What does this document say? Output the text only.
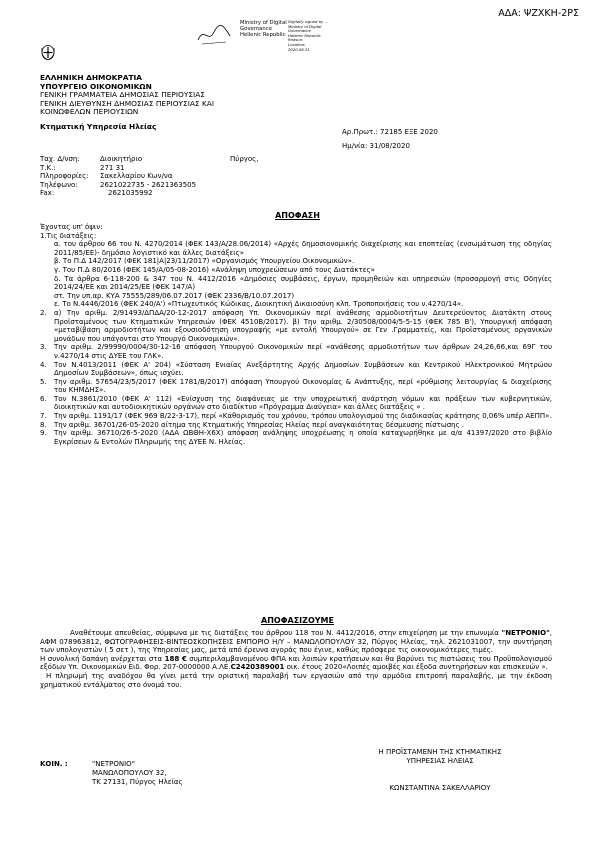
ΑΔΑ: ΨΖΧΚΗ-2ΡΣ
Ministry of Digital
Governance
Hellenic Republic
Digitally signed by ...
Ministry of Digital
Governance
Hellenic Republic
Reason:
Location:
2020.08.31
ΕΛΛΗΝΙΚΗ ΔΗΜΟΚΡΑΤΙΑ
ΥΠΟΥΡΓΕΙΟ ΟΙΚΟΝΟΜΙΚΩΝ
ΓΕΝΙΚΗ ΓΡΑΜΜΑΤΕΙΑ ΔΗΜΟΣΙΑΣ ΠΕΡΙΟΥΣΙΑΣ
ΓΕΝΙΚΗ ΔΙΕΥΘΥΝΣΗ ΔΗΜΟΣΙΑΣ ΠΕΡΙΟΥΣΙΑΣ ΚΑΙ
ΚΟΙΝΩΦΕΛΩΝ ΠΕΡΙΟΥΣΙΩΝ
Κτηματική Υπηρεσία Ηλείας
Αρ.Πρωτ.: 72185 ΕΞΕ 2020
Ημ/νία: 31/08/2020
Ταχ. Δ/νση:	Διοικητήριο	Πύργος,
Τ.Κ.:	271 31
Πληροφορίες:	Σακελλαρίου Κων/να
Τηλέφωνο:	2621022735 - 2621363505
Fax:	2621035992
ΑΠΟΦΑΣΗ

Έχοντας υπ' όψιν:

1.Τις διατάξεις:

α. του άρθρου 66 του Ν. 4270/2014 (ΦΕΚ 143/Α/28.06/2014) «Αρχές δημοσιονομικής διαχείρισης και εποπτείας (ενσωμάτωση της οδηγίας 2011/85/ΕΕ)- δημόσιο λογιστικό και άλλες διατάξεις»

β. Το Π.Δ 142/2017 (ΦΕΚ 181|Α|23/11/2017) «Οργανισμός Υπουργείου Οικονομικών».

γ. Του Π.Δ 80/2016 (ΦΕΚ 145/Α/05-08-2016) «Ανάληψη υποχρεώσεων από τους Διατάκτες»

δ. Τα άρθρα 6-118-200 & 347 του Ν. 4412/2016 «Δημόσιες συμβάσεις, έργων, προμηθειών και υπηρεσιών (προσαρμογή στις Οδηγίες 2014/24/ΕΕ και 2014/25/ΕΕ (ΦΕΚ 147/Α)

στ. Την υπ.αρ. ΚΥΑ 75555/289/06.07.2017 (ΦΕΚ 2336/Β/10.07.2017)

ε. Το Ν.4446/2016 (ΦΕΚ 240/Α') «Πτωχευτικός Κώδικας, Διοικητική Δικαιοσύνη κλπ. Τροποποιήσεις του ν.4270/14».

2.	α) Την αριθμ. 2/91493/ΔΠΔΑ/20-12-2017 απόφαση Υπ. Οικονομικών περί ανάθεσης αρμοδιοτήτων Δευτερεύοντος Διατάκτη στους Προϊσταμένους των Κτηματικών Υπηρεσιών (ΦΕΚ 4510Β/2017). β) Την αριθμ. 2/30508/0004/5-5-15 (ΦΕΚ 785 Β'), Υπουργική απόφαση «μεταβίβαση αρμοδιοτήτων και εξουσιοδότηση υπογραφής «με εντολή Υπουργού» σε Γεν .Γραμματείς, και Προϊσταμένους οργανικών μονάδων που υπάγονται στο Υπουργό Οικονομικών».

3.	Την αριθμ. 2/99990/0004/30-12-16 απόφαση Υπουργού Οικονομικών περί «ανάθεσης αρμοδιοτήτων των άρθρων 24,26,66,και 69Γ του ν.4270/14 στις ΔΥΕΕ του ΓΛΚ».

4.	Τον Ν.4013/2011 (ΦΕΚ Α' 204) «Σύσταση Ενιαίας Ανεξάρτητης Αρχής Δημοσίων Συμβάσεων και Κεντρικού Ηλεκτρονικού Μητρώου Δημοσίων Συμβάσεων», όπως ισχύει.

5.	Την αριθμ. 57654/23/5/2017 (ΦΕΚ 1781/Β/2017) απόφαση Υπουργού Οικονομίας & Ανάπτυξης, περί «ρύθμισης λειτουργίας & διαχείρισης του ΚΗΜΔΗΣ».

6.	Τον Ν.3861/2010 (ΦΕΚ Α' 112) «Ενίσχυση της διαφάνειας με την υποχρεωτική ανάρτηση νόμων και πράξεων των κυβερνητικών, διοικητικών και αυτοδιοικητικών οργάνων στο διαδίκτυο «Πρόγραμμα Διαύγεια» και άλλες διατάξεις » .

7.	Την αριθμ. 1191/17 (ΦΕΚ 969 Β/22-3-17), περί «Καθορισμός του χρόνου, τρόπου υπολογισμού της διαδικασίας κράτησης 0,06% υπέρ ΑΕΠΠ».

8.	Την αριθμ. 36701/26-05-2020 αίτημα της Κτηματικής Υπηρεσίας Ηλείας περί αναγκαιότητας δέσμευσης πίστωσης .

9.	Την αριθμ. 36710/26-5-2020 (ΑΔΑ ΩΒΘΗ-Χ6Χ) απόφαση ανάληψης υποχρέωσης η οποία καταχωρήθηκε με α/α 41397/2020 στο βιβλίο Εγκρίσεων & Εντολών Πληρωμής της ΔΥΕΕ Ν. Ηλείας.

ΑΠΟΦΑΣΙΖΟΥΜΕ

Αναθέτουμε απευθείας, σύμφωνα με τις διατάξεις του άρθρου 118 του Ν. 4412/2016, στην επιχείρηση με την επωνυμία "ΝΕΤΡΟΝΙΟ", ΑΦΜ 078963812, ΦΩΤΟΓΡΑΦΗΣΕΙΣ-ΒΙΝΤΕΟΣΚΟΠΗΣΕΙΣ ΕΜΠΟΡΙΟ Η/Υ – ΜΑΝΩΛΟΠΟΥΛΟΥ 32, Πύργος Ηλείας, τηλ. 2621031007, την συντήρηση των υπολογιστών ( 5 σετ ), της Υπηρεσίας μας, μετά από έρευνα αγοράς που έγινε, καθώς πρόσφερε τις οικονομικότερες τιμές.

Η συνολική δαπάνη ανέρχεται στα 188 € συμπεριλαμβανομένου ΦΠΑ και λοιπών κρατήσεων και θα βαρύνει τις πιστώσεις του Προϋπολογισμού εξόδων Υπ. Οικονομικών Ειδ. Φορ. 207-0000000 Α.ΛΕ.C2420389001 οικ. έτους 2020«Λοιπές αμοιβές και έξοδα συντηρήσεων και επισκευών ».

Η πληρωμή της αναδόχου θα γίνει μετά την οριστική παραλαβή των εργασιών από την αρμόδια επιτροπή παραλαβής, με την έκδοση χρηματικού εντάλματος στο όνομά του.

Η ΠΡΟΪΣΤΑΜΕΝΗ ΤΗΣ ΚΤΗΜΑΤΙΚΗΣ
ΥΠΗΡΕΣΙΑΣ ΗΛΕΙΑΣ
ΚΩΝΣΤΑΝΤΙΝΑ ΣΑΚΕΛΛΑΡΙΟΥ
ΚΟΙΝ. :	"ΝΕΤΡΟΝΙΟ"
ΜΑΝΩΛΟΠΟΥΛΟΥ 32,
ΤΚ 27131, Πύργος Ηλείας
